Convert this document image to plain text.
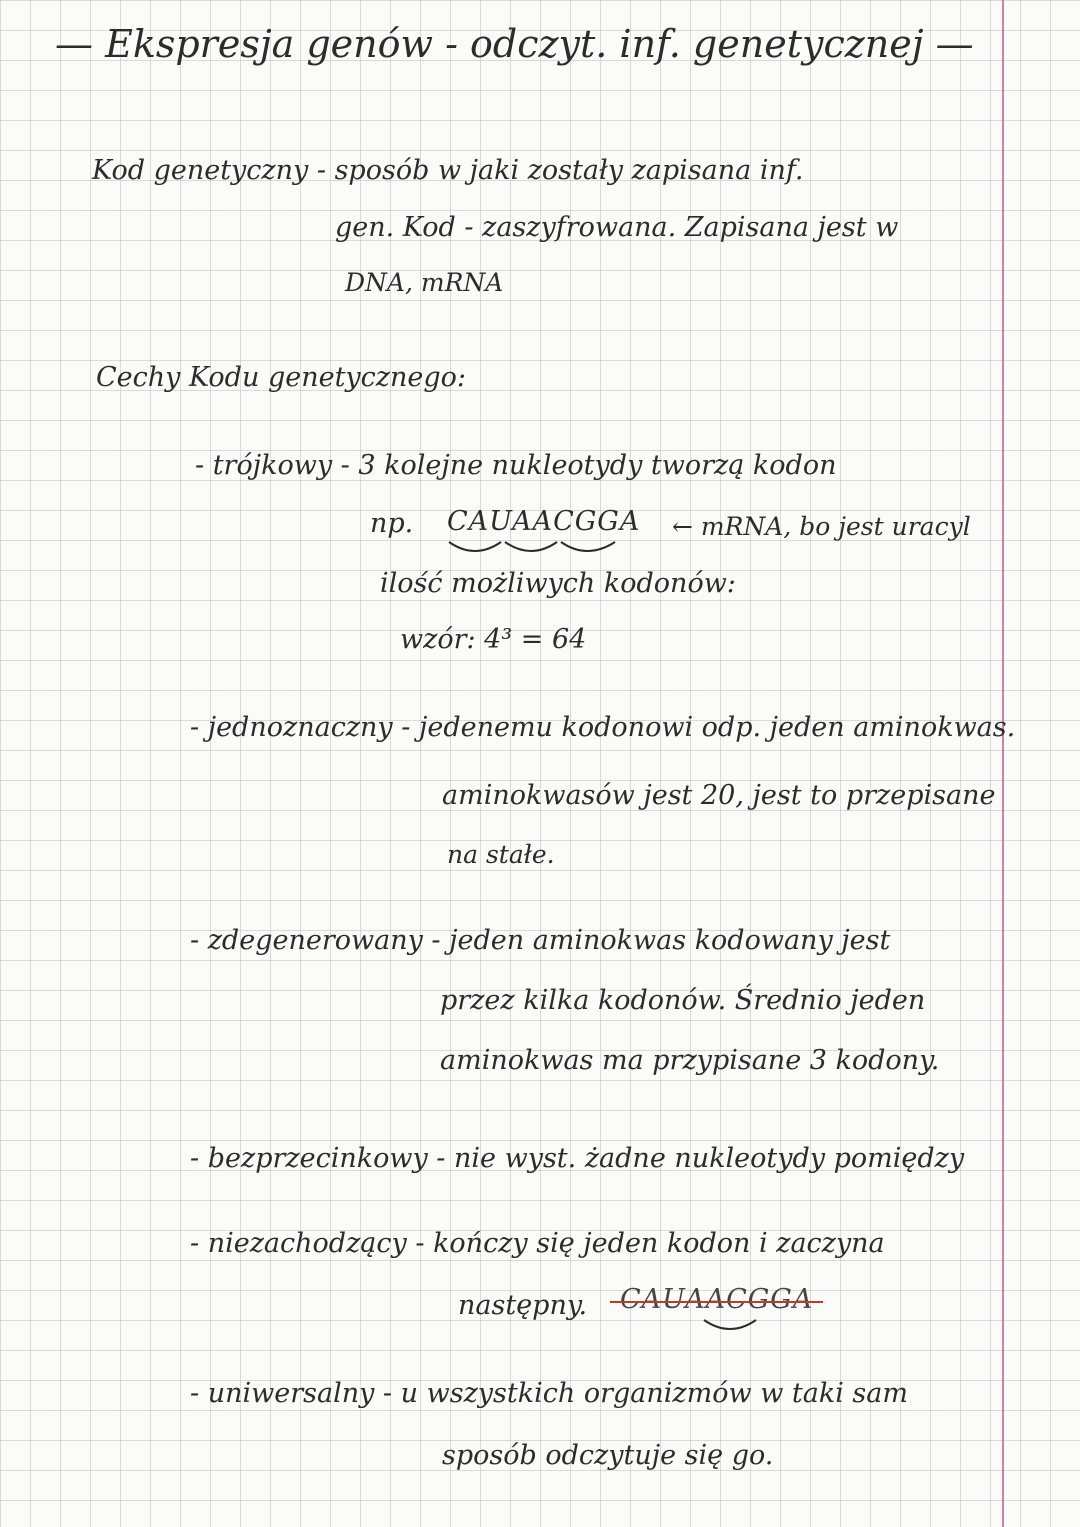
— Ekspresja genów - odczyt. inf. genetycznej —
Kod genetyczny - sposób w jaki zostały zapisana inf.
gen. Kod - zaszyfrowana. Zapisana jest w
DNA, mRNA
Cechy Kodu genetycznego:
- trójkowy - 3 kolejne nukleotydy tworzą kodon
np. CAUAACGGA ← mRNA, bo jest uracyl
ilość możliwych kodonów:
wzór: 4³ = 64
- jednoznaczny - jedenemu kodonowi odp. jeden aminokwas.
aminokwasów jest 20, jest to przepisane
na stałe.
- zdegenerowany - jeden aminokwas kodowany jest
przez kilka kodonów. Średnio jeden
aminokwas ma przypisane 3 kodony.
- bezprzecinkowy - nie wyst. żadne nukleotydy pomiędzy
- niezachodzący - kończy się jeden kodon i zaczyna
następny. CAUAACGGA
- uniwersalny - u wszystkich organizmów w taki sam
sposób odczytuje się go.
